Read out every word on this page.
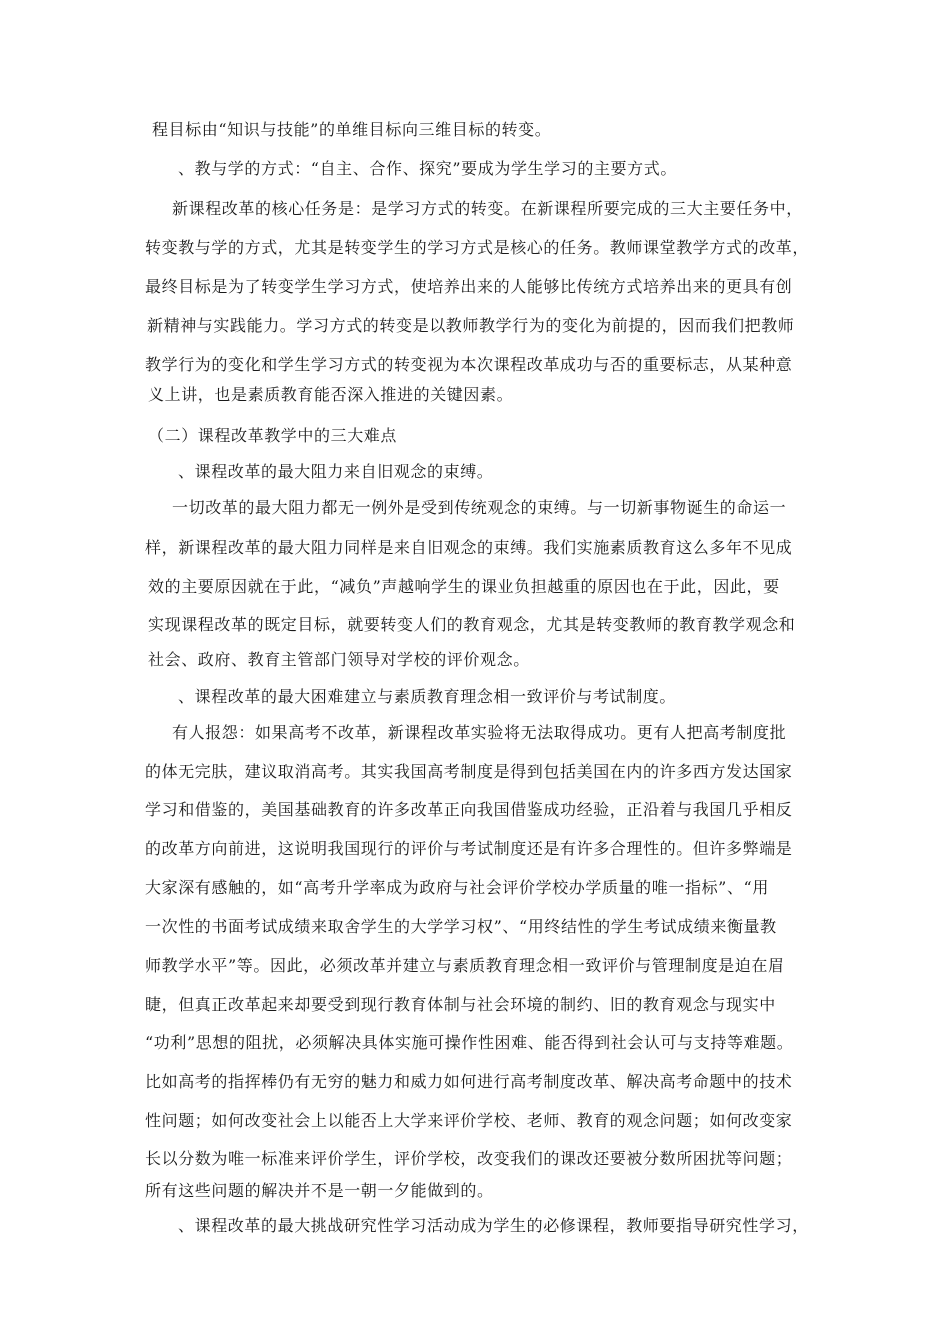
程目标由“知识与技能”的单维目标向三维目标的转变。
、教与学的方式：“自主、合作、探究”要成为学生学习的主要方式。
新课程改革的核心任务是：是学习方式的转变。在新课程所要完成的三大主要任务中，
转变教与学的方式，尤其是转变学生的学习方式是核心的任务。教师课堂教学方式的改革，
最终目标是为了转变学生学习方式，使培养出来的人能够比传统方式培养出来的更具有创
新精神与实践能力。学习方式的转变是以教师教学行为的变化为前提的，因而我们把教师
教学行为的变化和学生学习方式的转变视为本次课程改革成功与否的重要标志，从某种意
义上讲，也是素质教育能否深入推进的关键因素。
（二）课程改革教学中的三大难点
、课程改革的最大阻力来自旧观念的束缚。
一切改革的最大阻力都无一例外是受到传统观念的束缚。与一切新事物诞生的命运一
样，新课程改革的最大阻力同样是来自旧观念的束缚。我们实施素质教育这么多年不见成
效的主要原因就在于此，“减负”声越响学生的课业负担越重的原因也在于此，因此，要
实现课程改革的既定目标，就要转变人们的教育观念，尤其是转变教师的教育教学观念和
社会、政府、教育主管部门领导对学校的评价观念。
、课程改革的最大困难建立与素质教育理念相一致评价与考试制度。
有人报怨：如果高考不改革，新课程改革实验将无法取得成功。更有人把高考制度批
的体无完肤，建议取消高考。其实我国高考制度是得到包括美国在内的许多西方发达国家
学习和借鉴的，美国基础教育的许多改革正向我国借鉴成功经验，正沿着与我国几乎相反
的改革方向前进，这说明我国现行的评价与考试制度还是有许多合理性的。但许多弊端是
大家深有感触的，如“高考升学率成为政府与社会评价学校办学质量的唯一指标”、“用
一次性的书面考试成绩来取舍学生的大学学习权”、“用终结性的学生考试成绩来衡量教
师教学水平”等。因此，必须改革并建立与素质教育理念相一致评价与管理制度是迫在眉
睫，但真正改革起来却要受到现行教育体制与社会环境的制约、旧的教育观念与现实中
“功利”思想的阻扰，必须解决具体实施可操作性困难、能否得到社会认可与支持等难题。
比如高考的指挥棒仍有无穷的魅力和威力如何进行高考制度改革、解决高考命题中的技术
性问题；如何改变社会上以能否上大学来评价学校、老师、教育的观念问题；如何改变家
长以分数为唯一标准来评价学生，评价学校，改变我们的课改还要被分数所困扰等问题；
所有这些问题的解决并不是一朝一夕能做到的。
、课程改革的最大挑战研究性学习活动成为学生的必修课程，教师要指导研究性学习，
